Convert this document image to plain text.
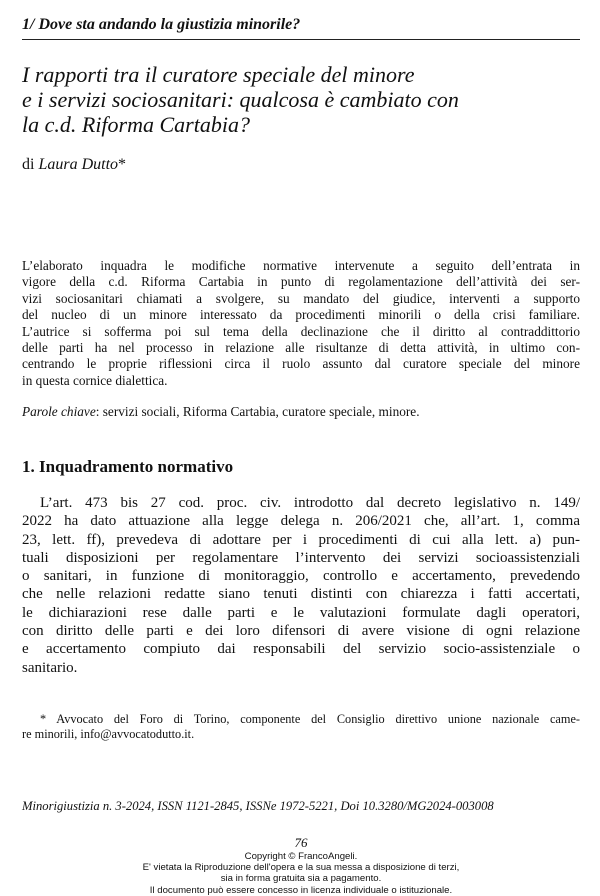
1/ Dove sta andando la giustizia minorile?
I rapporti tra il curatore speciale del minore
e i servizi sociosanitari: qualcosa è cambiato con
la c.d. Riforma Cartabia?
di Laura Dutto*
L’elaborato inquadra le modifiche normative intervenute a seguito dell’entrata in
vigore della c.d. Riforma Cartabia in punto di regolamentazione dell’attività dei ser-
vizi sociosanitari chiamati a svolgere, su mandato del giudice, interventi a supporto
del nucleo di un minore interessato da procedimenti minorili o della crisi familiare.
L’autrice si sofferma poi sul tema della declinazione che il diritto al contraddittorio
delle parti ha nel processo in relazione alle risultanze di detta attività, in ultimo con-
centrando le proprie riflessioni circa il ruolo assunto dal curatore speciale del minore
in questa cornice dialettica.
Parole chiave: servizi sociali, Riforma Cartabia, curatore speciale, minore.
1. Inquadramento normativo
L’art. 473 bis 27 cod. proc. civ. introdotto dal decreto legislativo n. 149/
2022 ha dato attuazione alla legge delega n. 206/2021 che, all’art. 1, comma
23, lett. ff), prevedeva di adottare per i procedimenti di cui alla lett. a) pun-
tuali disposizioni per regolamentare l’intervento dei servizi socioassistenziali
o sanitari, in funzione di monitoraggio, controllo e accertamento, prevedendo
che nelle relazioni redatte siano tenuti distinti con chiarezza i fatti accertati,
le dichiarazioni rese dalle parti e le valutazioni formulate dagli operatori,
con diritto delle parti e dei loro difensori di avere visione di ogni relazione
e accertamento compiuto dai responsabili del servizio socio-assistenziale o
sanitario.
* Avvocato del Foro di Torino, componente del Consiglio direttivo unione nazionale came-
re minorili, info@avvocatodutto.it.
Minorigiustizia n. 3-2024, ISSN 1121-2845, ISSNe 1972-5221, Doi 10.3280/MG2024-003008
76
Copyright © FrancoAngeli.
E' vietata la Riproduzione dell'opera e la sua messa a disposizione di terzi,
sia in forma gratuita sia a pagamento.
Il documento può essere concesso in licenza individuale o istituzionale.
